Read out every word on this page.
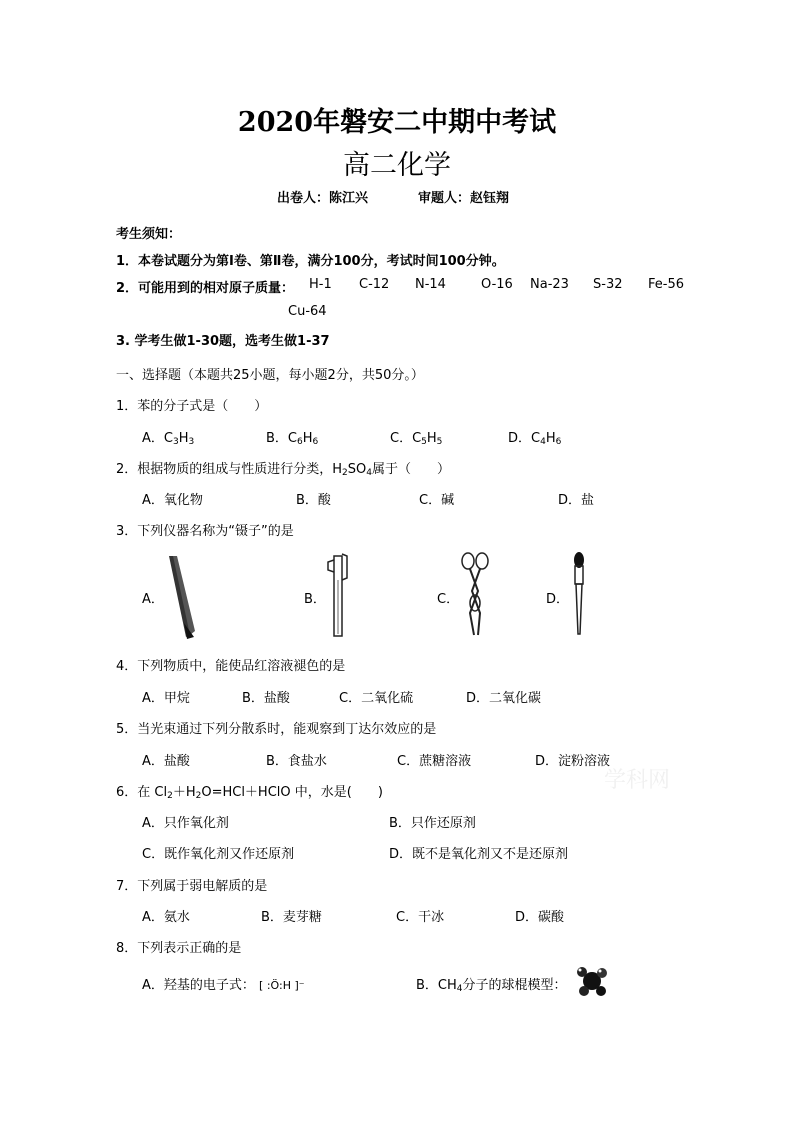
2020年磐安二中期中考试
高二化学
出卷人：陈江兴	审题人：赵钰翔
考生须知：
1．本卷试题分为第Ⅰ卷、第Ⅱ卷，满分100分，考试时间100分钟。
2．可能用到的相对原子质量： H-1 C-12 N-14	O-16 Na-23 S-32 Fe-56
Cu-64
3. 学考生做1-30题，选考生做1-37
一、选择题（本题共25小题，每小题2分，共50分。）
1．苯的分子式是（　　）
A．$C_3H_3$	B．$C_6H_6$	C．$C_5H_5$	D．$C_4H_6$
2．根据物质的组成与性质进行分类，$H_2SO_4$属于（　　）
A．氧化物	B．酸	C．碱	D．盐
3．下列仪器名称为“镊子”的是
A．	B．	C．	D．
4．下列物质中，能使品红溶液褪色的是
A．甲烷	B．盐酸	C．二氧化硫	D．二氧化碳
5．当光束通过下列分散系时，能观察到丁达尔效应的是
A．盐酸	B．食盐水	C．蔗糖溶液	D．淀粉溶液
6．在 $Cl_2+H_2O=HCl+HClO$ 中，水是(　　)
A．只作氧化剂	B．只作还原剂
C．既作氧化剂又作还原剂	D．既不是氧化剂又不是还原剂
7．下列属于弱电解质的是
A．氨水	B．麦芽糖	C．干冰	D．碳酸
8．下列表示正确的是
A．羟基的电子式： [ :Ö:H ]⁻	B．$CH_4$分子的球棍模型：
学科网
